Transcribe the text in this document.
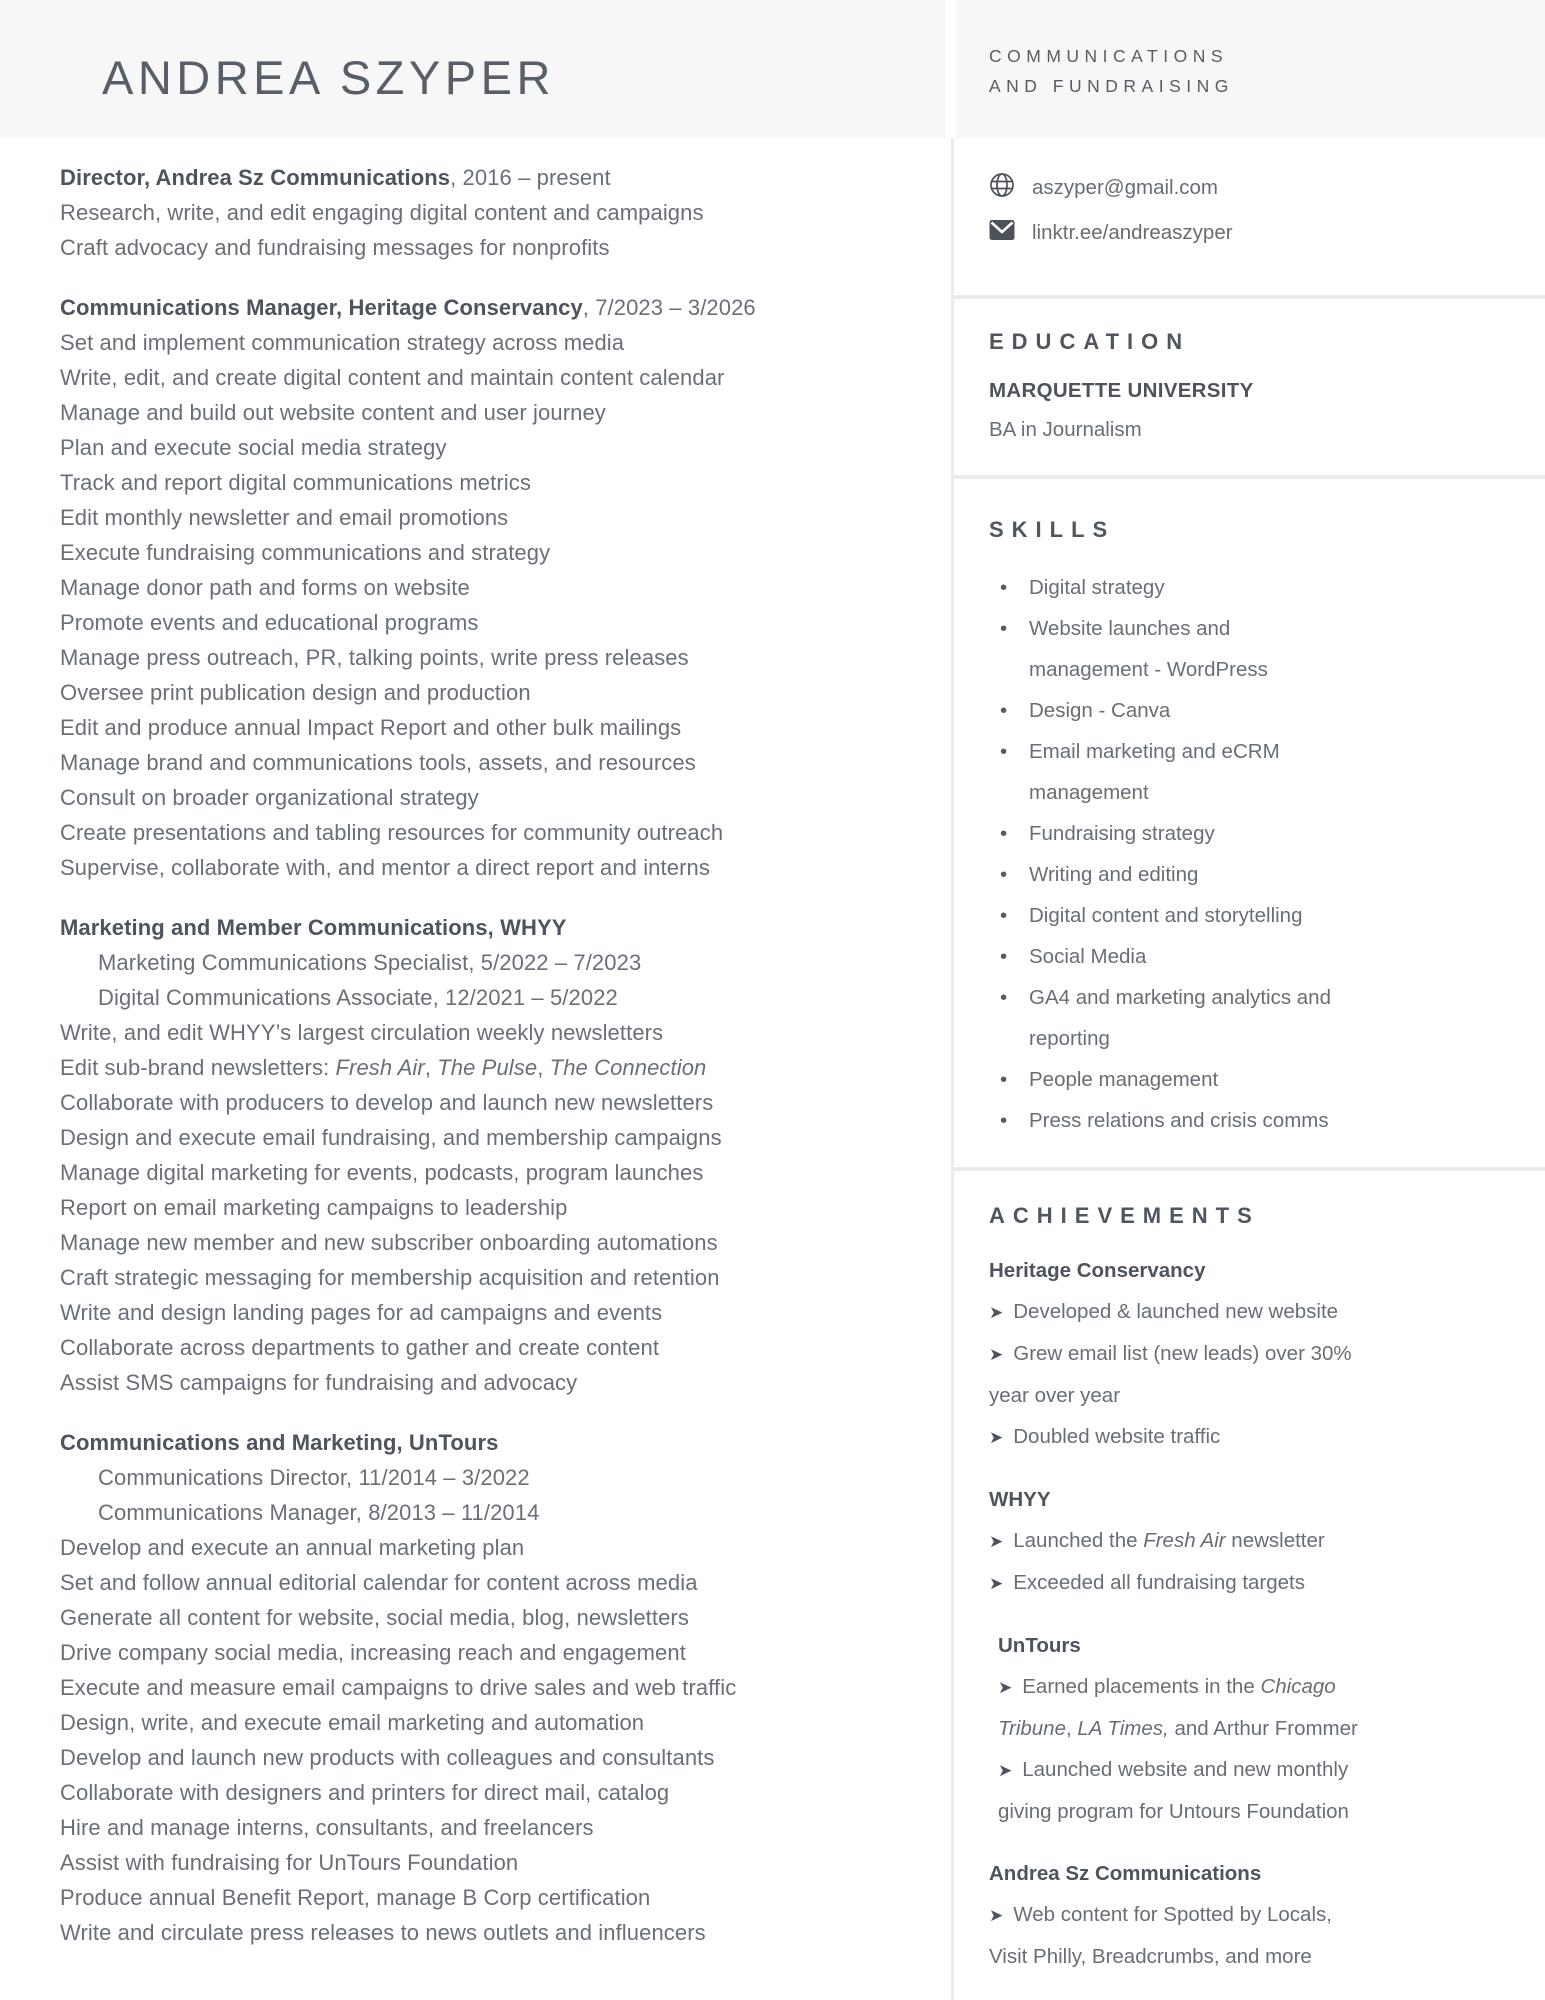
ANDREA SZYPER	COMMUNICATIONS
AND FUNDRAISING
Director, Andrea Sz Communications, 2016 – present
Research, write, and edit engaging digital content and campaigns
Craft advocacy and fundraising messages for nonprofits
Communications Manager, Heritage Conservancy, 7/2023 – 3/2026
Set and implement communication strategy across media
Write, edit, and create digital content and maintain content calendar
Manage and build out website content and user journey
Plan and execute social media strategy
Track and report digital communications metrics
Edit monthly newsletter and email promotions
Execute fundraising communications and strategy
Manage donor path and forms on website
Promote events and educational programs
Manage press outreach, PR, talking points, write press releases
Oversee print publication design and production
Edit and produce annual Impact Report and other bulk mailings
Manage brand and communications tools, assets, and resources
Consult on broader organizational strategy
Create presentations and tabling resources for community outreach
Supervise, collaborate with, and mentor a direct report and interns
Marketing and Member Communications, WHYY
Marketing Communications Specialist, 5/2022 – 7/2023
Digital Communications Associate, 12/2021 – 5/2022
Write, and edit WHYY’s largest circulation weekly newsletters
Edit sub-brand newsletters: Fresh Air, The Pulse, The Connection
Collaborate with producers to develop and launch new newsletters
Design and execute email fundraising, and membership campaigns
Manage digital marketing for events, podcasts, program launches
Report on email marketing campaigns to leadership
Manage new member and new subscriber onboarding automations
Craft strategic messaging for membership acquisition and retention
Write and design landing pages for ad campaigns and events
Collaborate across departments to gather and create content
Assist SMS campaigns for fundraising and advocacy
Communications and Marketing, UnTours
Communications Director, 11/2014 – 3/2022
Communications Manager, 8/2013 – 11/2014
Develop and execute an annual marketing plan
Set and follow annual editorial calendar for content across media
Generate all content for website, social media, blog, newsletters
Drive company social media, increasing reach and engagement
Execute and measure email campaigns to drive sales and web traffic
Design, write, and execute email marketing and automation
Develop and launch new products with colleagues and consultants
Collaborate with designers and printers for direct mail, catalog
Hire and manage interns, consultants, and freelancers
Assist with fundraising for UnTours Foundation
Produce annual Benefit Report, manage B Corp certification
Write and circulate press releases to news outlets and influencers
aszyper@gmail.com
linktr.ee/andreaszyper
EDUCATION
MARQUETTE UNIVERSITY
BA in Journalism
SKILLS
• Digital strategy
• Website launches and
management - WordPress
• Design - Canva
• Email marketing and eCRM
management
• Fundraising strategy
• Writing and editing
• Digital content and storytelling
• Social Media
• GA4 and marketing analytics and
reporting
• People management
• Press relations and crisis comms
ACHIEVEMENTS
Heritage Conservancy
➤ Developed & launched new website
➤ Grew email list (new leads) over 30%
year over year
➤ Doubled website traffic
WHYY
➤ Launched the Fresh Air newsletter
➤ Exceeded all fundraising targets
UnTours
➤ Earned placements in the Chicago
Tribune, LA Times, and Arthur Frommer
➤ Launched website and new monthly
giving program for Untours Foundation
Andrea Sz Communications
➤ Web content for Spotted by Locals,
Visit Philly, Breadcrumbs, and more
